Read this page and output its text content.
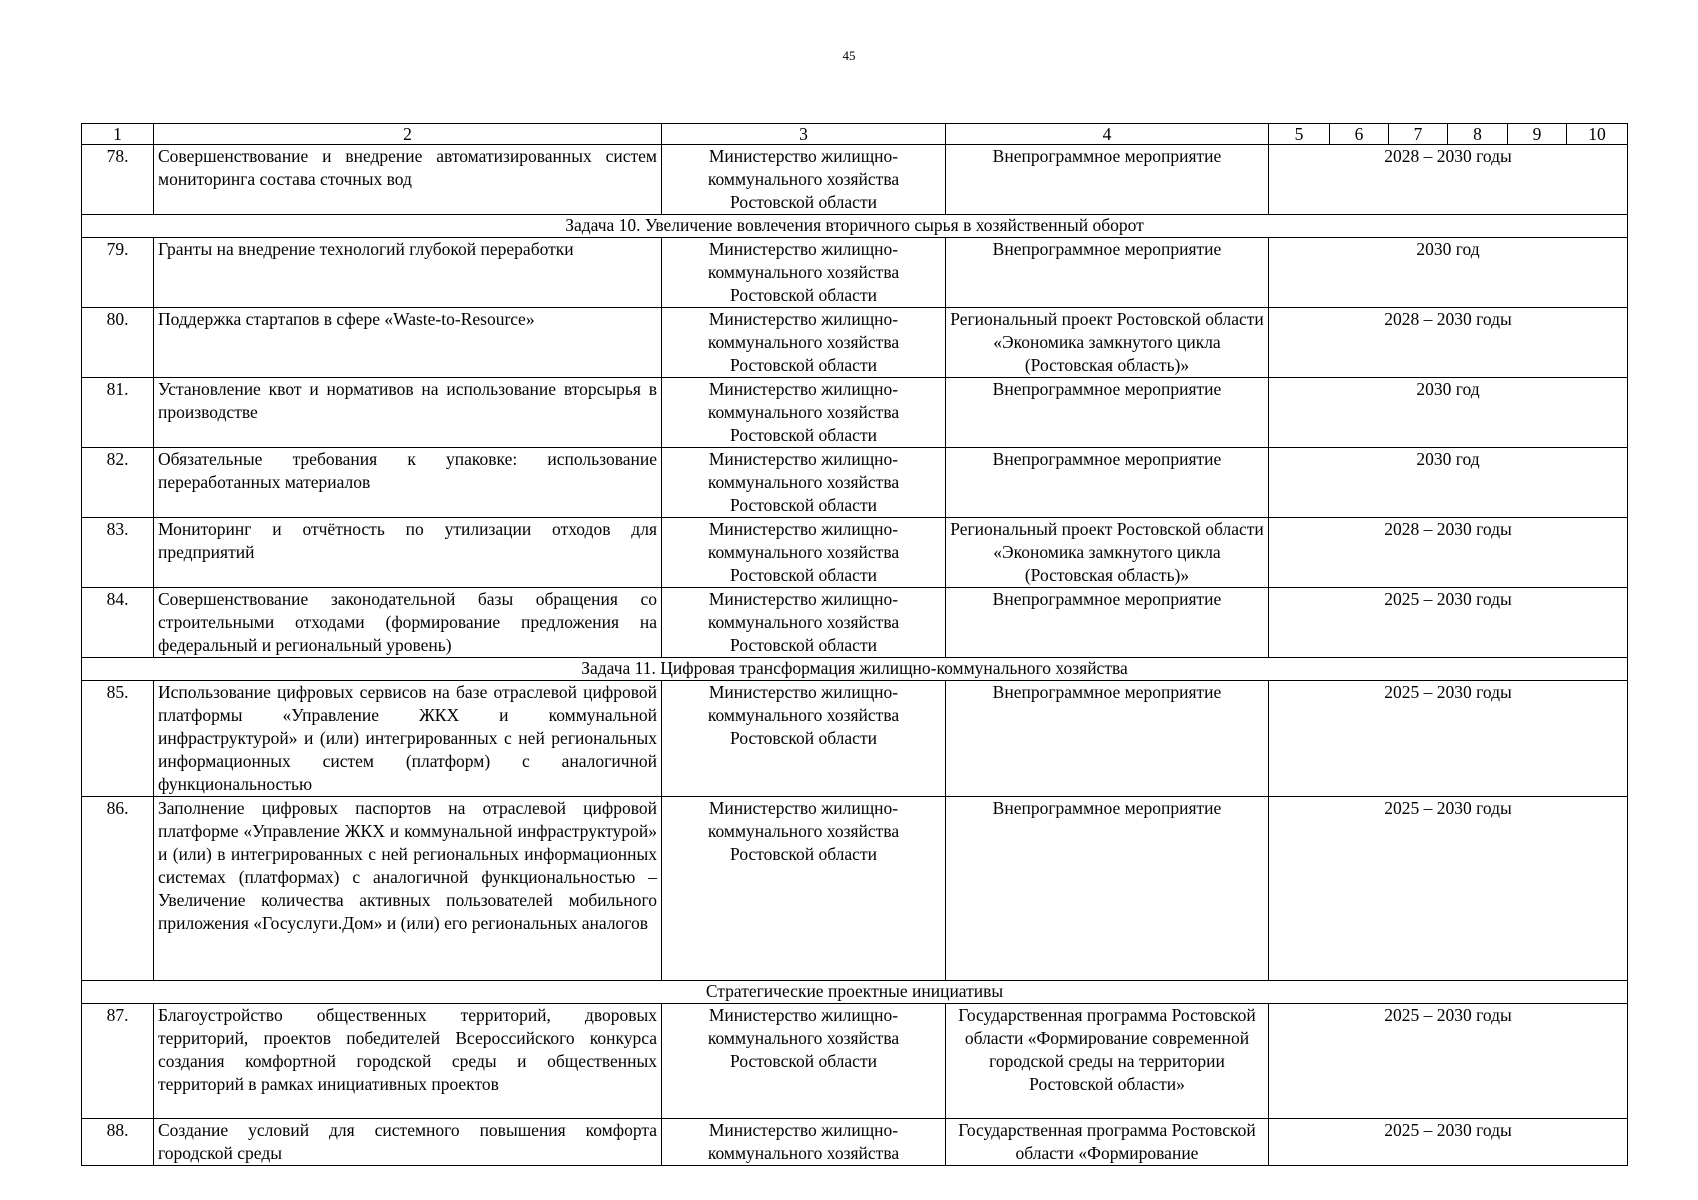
45
1	2	3	4	5	6	7	8	9	10
78.	Совершенствование и внедрение автоматизированных систем мониторинга состава сточных вод	Министерство жилищно-коммунального хозяйства Ростовской области	Внепрограммное мероприятие	2028 – 2030 годы					
Задача 10. Увеличение вовлечения вторичного сырья в хозяйственный оборот									
79.	Гранты на внедрение технологий глубокой переработки	Министерство жилищно-коммунального хозяйства Ростовской области	Внепрограммное мероприятие	2030 год					
80.	Поддержка стартапов в сфере «Waste-to-Resource»	Министерство жилищно-коммунального хозяйства Ростовской области	Региональный проект Ростовской области «Экономика замкнутого цикла (Ростовская область)»	2028 – 2030 годы					
81.	Установление квот и нормативов на использование вторсырья в производстве	Министерство жилищно-коммунального хозяйства Ростовской области	Внепрограммное мероприятие	2030 год					
82.	Обязательные требования к упаковке: использование переработанных материалов	Министерство жилищно-коммунального хозяйства Ростовской области	Внепрограммное мероприятие	2030 год					
83.	Мониторинг и отчётность по утилизации отходов для предприятий	Министерство жилищно-коммунального хозяйства Ростовской области	Региональный проект Ростовской области «Экономика замкнутого цикла (Ростовская область)»	2028 – 2030 годы					
84.	Совершенствование законодательной базы обращения со строительными отходами (формирование предложения на федеральный и региональный уровень)	Министерство жилищно-коммунального хозяйства Ростовской области	Внепрограммное мероприятие	2025 – 2030 годы					
Задача 11. Цифровая трансформация жилищно-коммунального хозяйства									
85.	Использование цифровых сервисов на базе отраслевой цифровой платформы «Управление ЖКХ и коммунальной инфраструктурой» и (или) интегрированных с ней региональных информационных систем (платформ) с аналогичной функциональностью	Министерство жилищно-коммунального хозяйства Ростовской области	Внепрограммное мероприятие	2025 – 2030 годы					
86.	Заполнение цифровых паспортов на отраслевой цифровой платформе «Управление ЖКХ и коммунальной инфраструктурой» и (или) в интегрированных с ней региональных информационных системах (платформах) с аналогичной функциональностью – Увеличение количества активных пользователей мобильного приложения «Госуслуги.Дом» и (или) его региональных аналогов	Министерство жилищно-коммунального хозяйства Ростовской области	Внепрограммное мероприятие	2025 – 2030 годы					
Стратегические проектные инициативы									
87.	Благоустройство общественных территорий, дворовых территорий, проектов победителей Всероссийского конкурса создания комфортной городской среды и общественных территорий в рамках инициативных проектов	Министерство жилищно-коммунального хозяйства Ростовской области	Государственная программа Ростовской области «Формирование современной городской среды на территории Ростовской области»	2025 – 2030 годы					
88.	Создание условий для системного повышения комфорта городской среды	Министерство жилищно-коммунального хозяйства	Государственная программа Ростовской области «Формирование	2025 – 2030 годы					
